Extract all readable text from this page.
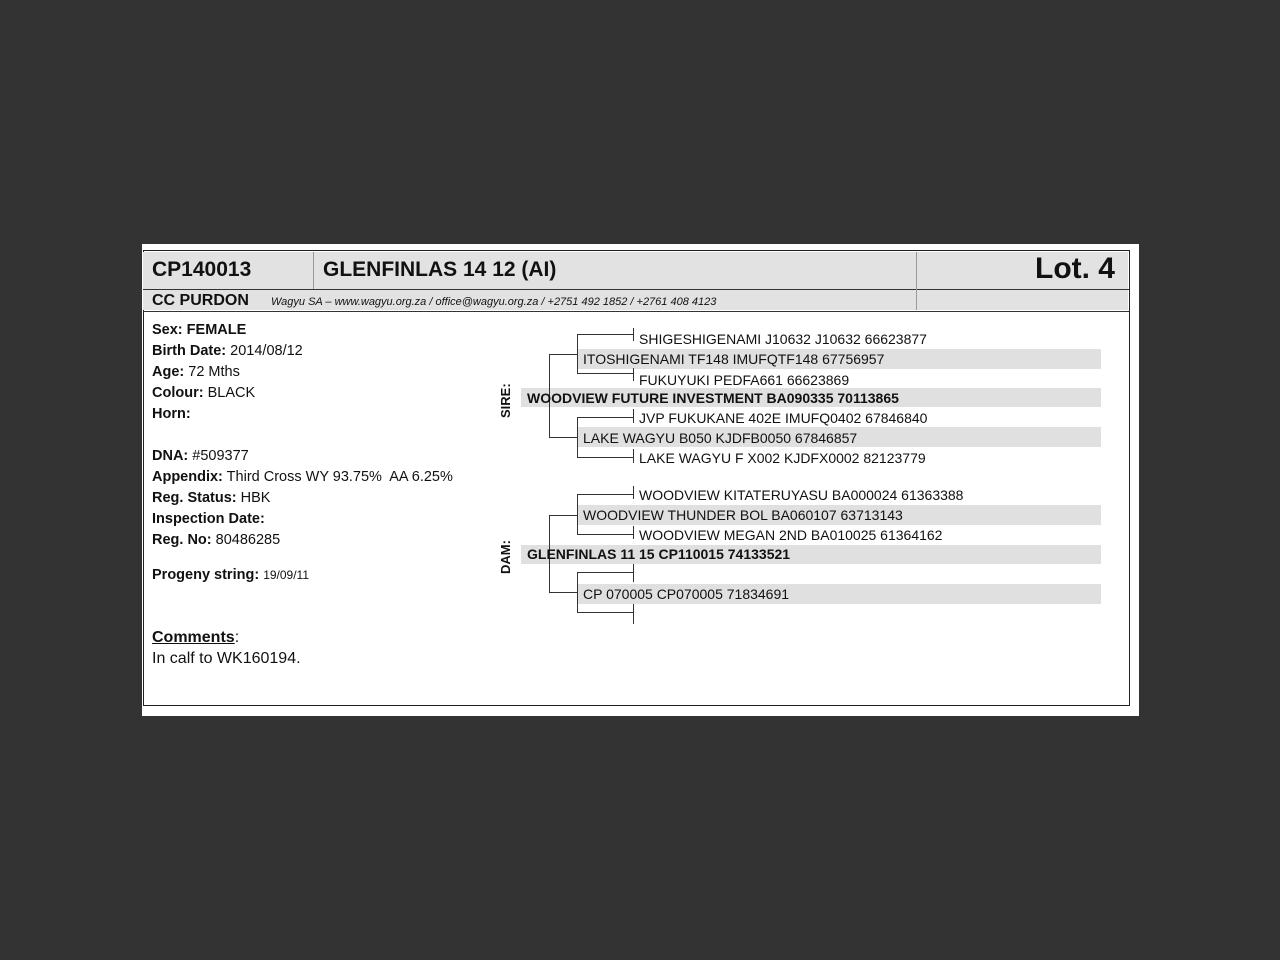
CP140013	GLENFINLAS 14 12 (AI)	Lot. 4
CC PURDON Wagyu SA – www.wagyu.org.za / office@wagyu.org.za / +2751 492 1852 / +2761 408 4123
Sex: FEMALE
Birth Date: 2014/08/12
Age: 72 Mths
Colour: BLACK
Horn:
DNA: #509377
Appendix: Third Cross WY 93.75%  AA 6.25%
Reg. Status: HBK
Inspection Date:
Reg. No: 80486285
Progeny string: 19/09/11
Comments:
In calf to WK160194.
SIRE:
DAM:
SHIGESHIGENAMI J10632 J10632 66623877
ITOSHIGENAMI TF148 IMUFQTF148 67756957
FUKUYUKI PEDFA661 66623869
WOODVIEW FUTURE INVESTMENT BA090335 70113865
JVP FUKUKANE 402E IMUFQ0402 67846840
LAKE WAGYU B050 KJDFB0050 67846857
LAKE WAGYU F X002 KJDFX0002 82123779
WOODVIEW KITATERUYASU BA000024 61363388
WOODVIEW THUNDER BOL BA060107 63713143
WOODVIEW MEGAN 2ND BA010025 61364162
GLENFINLAS 11 15 CP110015 74133521
CP 070005 CP070005 71834691
